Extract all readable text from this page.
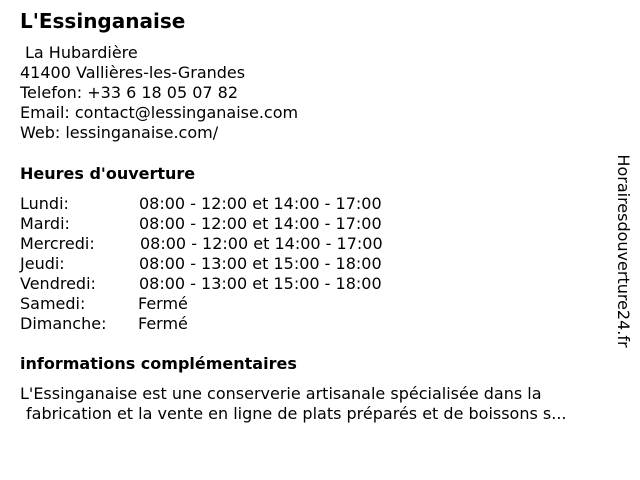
L'Essinganaise
La Hubardière
41400 Vallières-les-Grandes
Telefon: +33 6 18 05 07 82
Email: contact@lessinganaise.com
Web: lessinganaise.com/
Heures d'ouverture
Lundi:	08:00 - 12:00 et 14:00 - 17:00
Mardi:	08:00 - 12:00 et 14:00 - 17:00
Mercredi:	08:00 - 12:00 et 14:00 - 17:00
Jeudi:	08:00 - 13:00 et 15:00 - 18:00
Vendredi:	08:00 - 13:00 et 15:00 - 18:00
Samedi:	Fermé
Dimanche: Fermé
informations complémentaires
L'Essinganaise est une conserverie artisanale spécialisée dans la
fabrication et la vente en ligne de plats préparés et de boissons s...
Horairesdouverture24.fr
